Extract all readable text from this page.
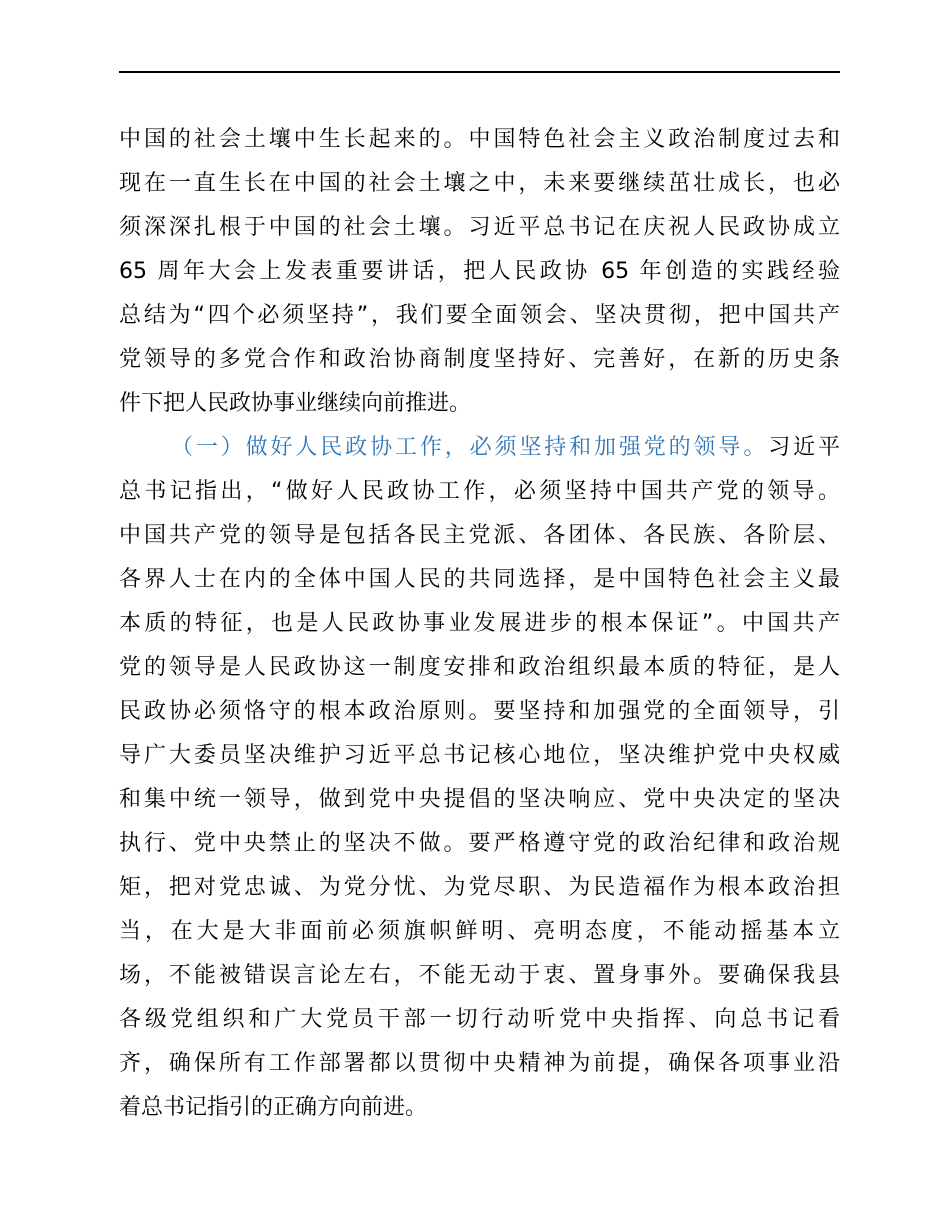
中国的社会土壤中生长起来的。中国特色社会主义政治制度过去和
现在一直生长在中国的社会土壤之中，未来要继续茁壮成长，也必
须深深扎根于中国的社会土壤。习近平总书记在庆祝人民政协成立
65 周年大会上发表重要讲话，把人民政协 65 年创造的实践经验
总结为“四个必须坚持”，我们要全面领会、坚决贯彻，把中国共产
党领导的多党合作和政治协商制度坚持好、完善好，在新的历史条
件下把人民政协事业继续向前推进。
（一）做好人民政协工作，必须坚持和加强党的领导。习近平
总书记指出，“做好人民政协工作，必须坚持中国共产党的领导。
中国共产党的领导是包括各民主党派、各团体、各民族、各阶层、
各界人士在内的全体中国人民的共同选择，是中国特色社会主义最
本质的特征，也是人民政协事业发展进步的根本保证”。中国共产
党的领导是人民政协这一制度安排和政治组织最本质的特征，是人
民政协必须恪守的根本政治原则。要坚持和加强党的全面领导，引
导广大委员坚决维护习近平总书记核心地位，坚决维护党中央权威
和集中统一领导，做到党中央提倡的坚决响应、党中央决定的坚决
执行、党中央禁止的坚决不做。要严格遵守党的政治纪律和政治规
矩，把对党忠诚、为党分忧、为党尽职、为民造福作为根本政治担
当，在大是大非面前必须旗帜鲜明、亮明态度，不能动摇基本立
场，不能被错误言论左右，不能无动于衷、置身事外。要确保我县
各级党组织和广大党员干部一切行动听党中央指挥、向总书记看
齐，确保所有工作部署都以贯彻中央精神为前提，确保各项事业沿
着总书记指引的正确方向前进。
